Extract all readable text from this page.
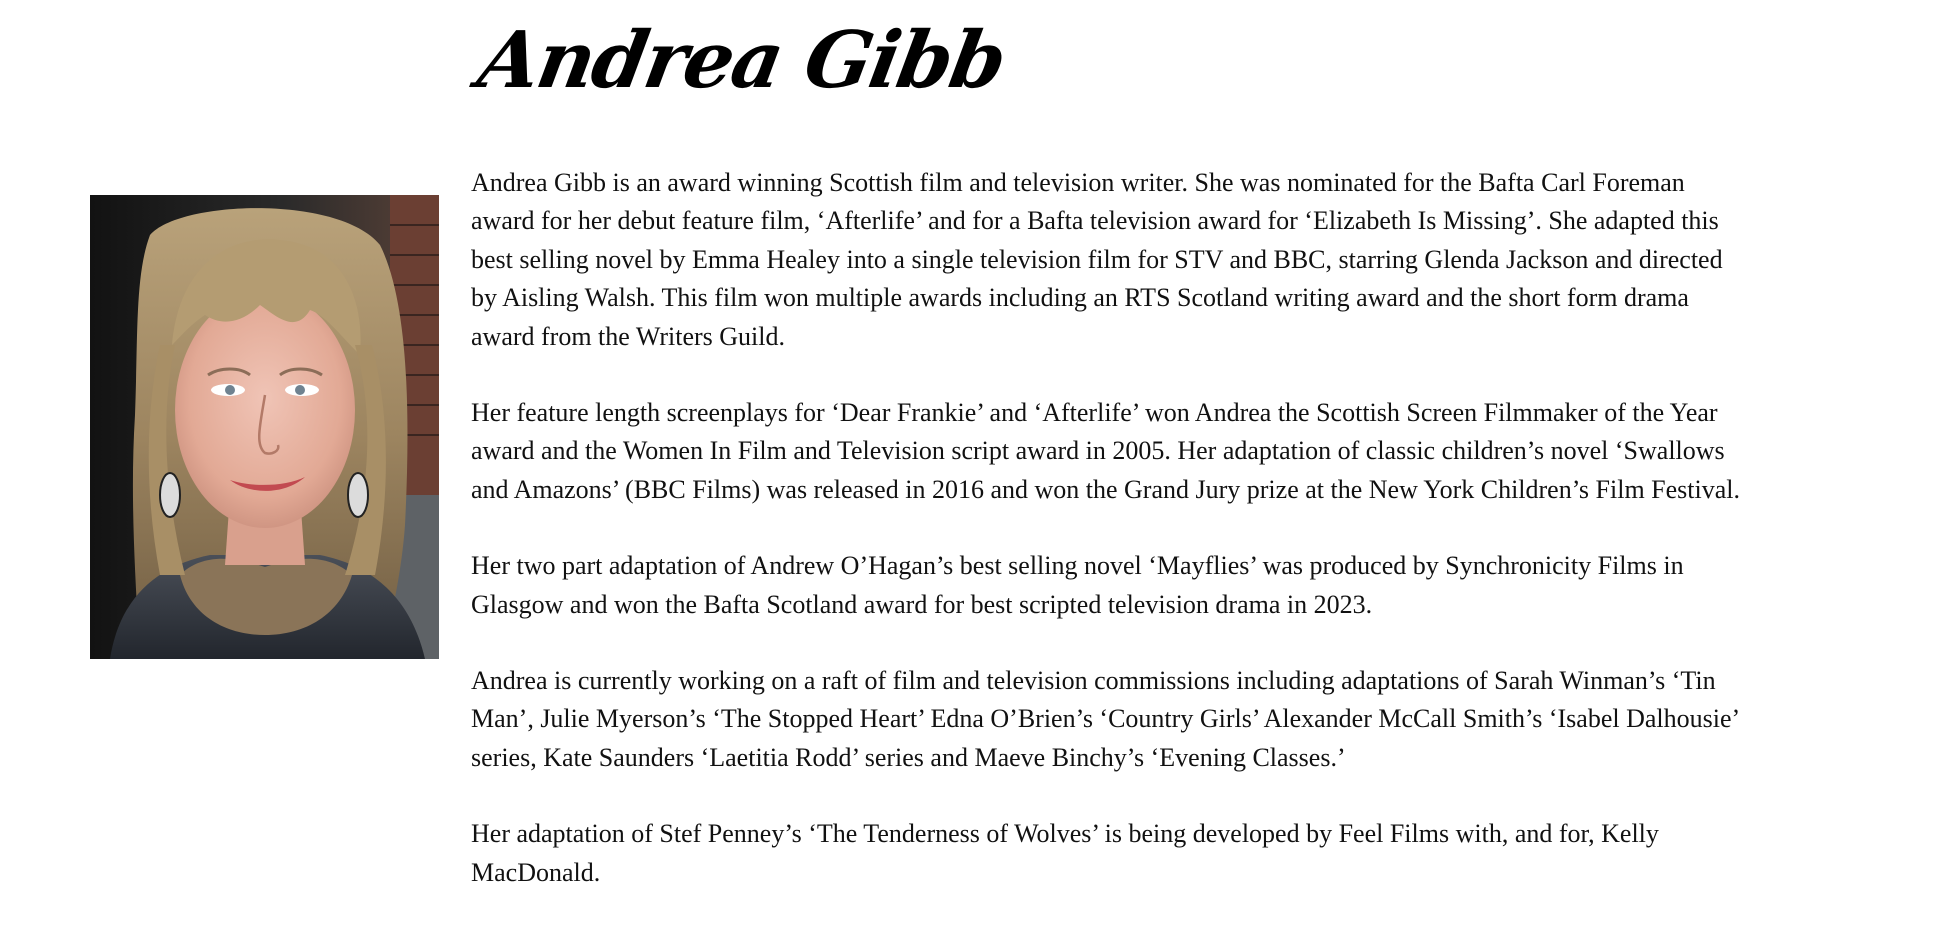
Andrea Gibb

Andrea Gibb is an award winning Scottish film and television writer. She was nominated for the Bafta Carl Foreman
award for her debut feature film, ‘Afterlife’ and for a Bafta television award for ‘Elizabeth Is Missing’. She adapted this
best selling novel by Emma Healey into a single television film for STV and BBC, starring Glenda Jackson and directed
by Aisling Walsh. This film won multiple awards including an RTS Scotland writing award and the short form drama
award from the Writers Guild.

Her feature length screenplays for ‘Dear Frankie’ and ‘Afterlife’ won Andrea the Scottish Screen Filmmaker of the Year
award and the Women In Film and Television script award in 2005. Her adaptation of classic children’s novel ‘Swallows
and Amazons’ (BBC Films) was released in 2016 and won the Grand Jury prize at the New York Children’s Film Festival.

Her two part adaptation of Andrew O’Hagan’s best selling novel ‘Mayflies’ was produced by Synchronicity Films in
Glasgow and won the Bafta Scotland award for best scripted television drama in 2023.

Andrea is currently working on a raft of film and television commissions including adaptations of Sarah Winman’s ‘Tin
Man’, Julie Myerson’s ‘The Stopped Heart’ Edna O’Brien’s ‘Country Girls’ Alexander McCall Smith’s ‘Isabel Dalhousie’
series, Kate Saunders ‘Laetitia Rodd’ series and Maeve Binchy’s ‘Evening Classes.’

Her adaptation of Stef Penney’s ‘The Tenderness of Wolves’ is being developed by Feel Films with, and for, Kelly
MacDonald.
